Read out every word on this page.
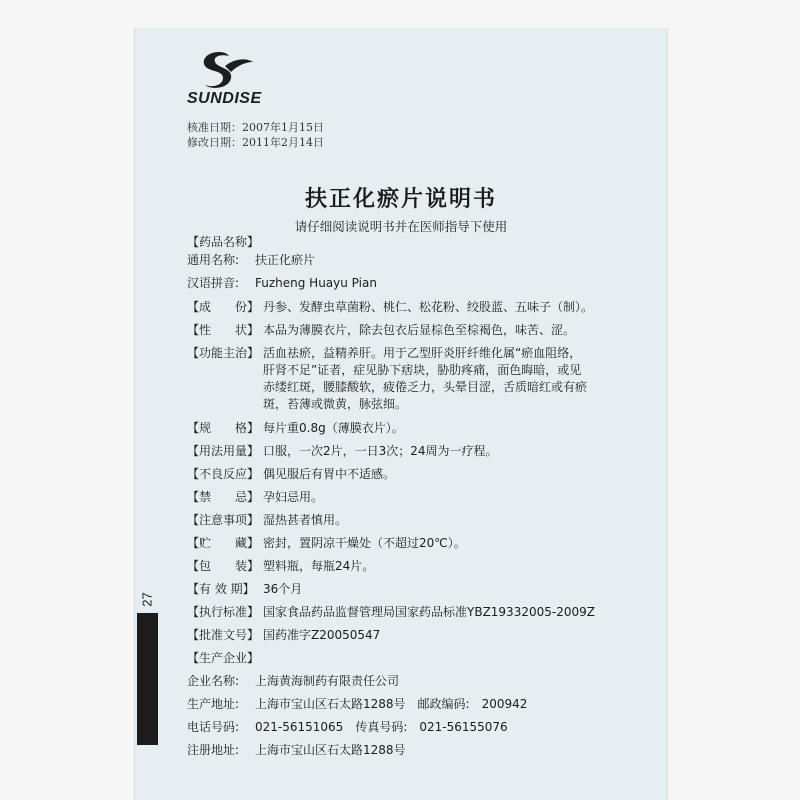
SUNDISE
核准日期：2007年1月15日
修改日期：2011年2月14日
扶正化瘀片说明书
请仔细阅读说明书并在医师指导下使用
【药品名称】
通用名称: 扶正化瘀片
汉语拼音: Fuzheng Huayu Pian
【成　　份】 丹参、发酵虫草菌粉、桃仁、松花粉、绞股蓝、五味子（制）。
【性　　状】 本品为薄膜衣片，除去包衣后显棕色至棕褐色，味苦、涩。
【功能主治】 活血祛瘀，益精养肝。用于乙型肝炎肝纤维化属“瘀血阻络，
肝肾不足”证者，症见胁下痞块，胁肋疼痛，面色晦暗，或见
赤缕红斑，腰膝酸软，疲倦乏力，头晕目涩，舌质暗红或有瘀
斑，苔薄或微黄，脉弦细。
【规　　格】 每片重0.8g（薄膜衣片）。
【用法用量】 口服，一次2片，一日3次；24周为一疗程。
【不良反应】 偶见服后有胃中不适感。
【禁　　忌】 孕妇忌用。
【注意事项】 湿热甚者慎用。
【贮　　藏】 密封，置阴凉干燥处（不超过20℃）。
【包　　装】 塑料瓶，每瓶24片。
【有 效 期】 36个月
【执行标准】 国家食品药品监督管理局国家药品标准YBZ19332005-2009Z
【批准文号】 国药准字Z20050547
【生产企业】
企业名称: 上海黄海制药有限责任公司
生产地址: 上海市宝山区石太路1288号 邮政编码: 200942
电话号码: 021-56151065 传真号码: 021-56155076
注册地址: 上海市宝山区石太路1288号
27
